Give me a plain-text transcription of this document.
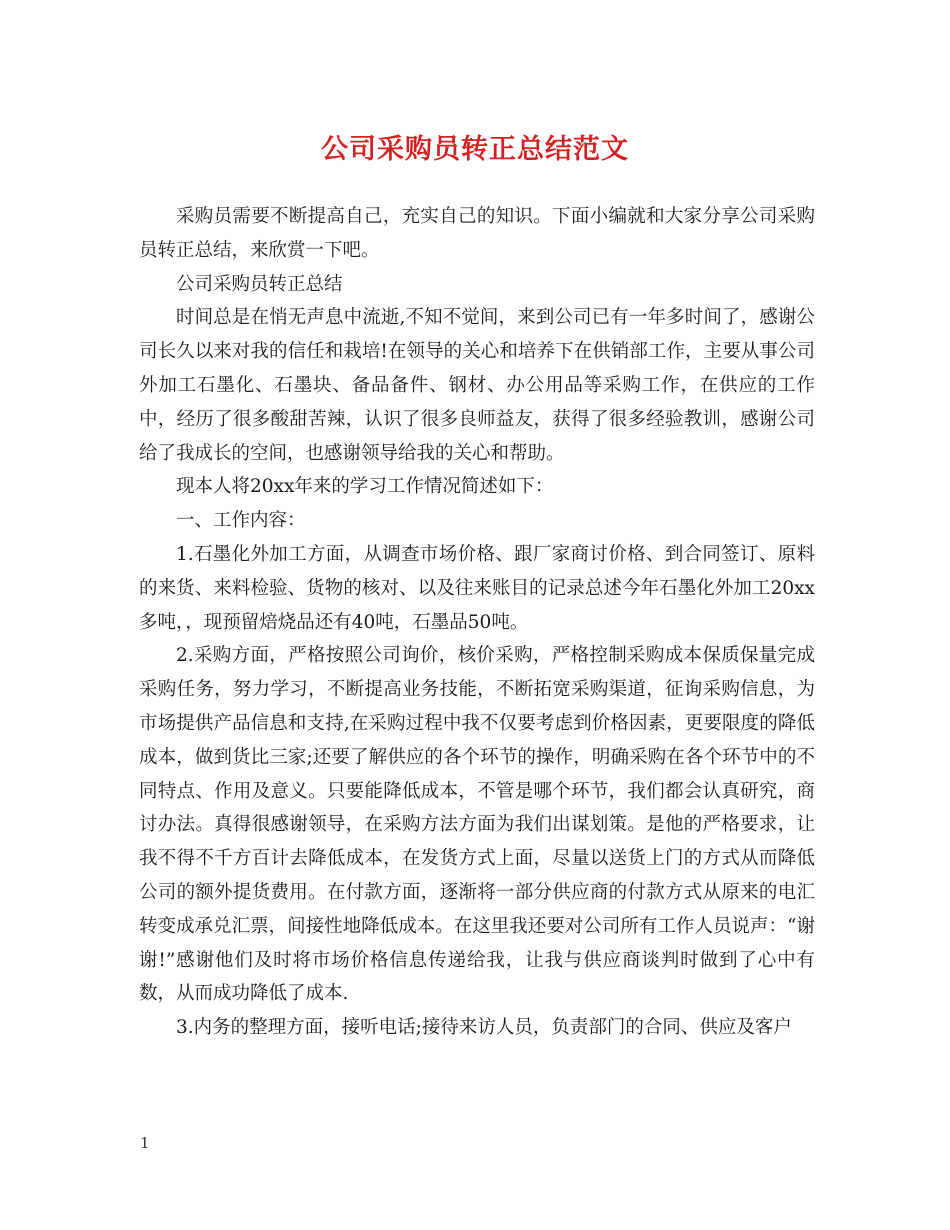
公司采购员转正总结范文

采购员需要不断提高自己，充实自己的知识。下面小编就和大家分享公司采购员转正总结，来欣赏一下吧。

公司采购员转正总结

时间总是在悄无声息中流逝,不知不觉间，来到公司已有一年多时间了，感谢公司长久以来对我的信任和栽培!在领导的关心和培养下在供销部工作，主要从事公司外加工石墨化、石墨块、备品备件、钢材、办公用品等采购工作，在供应的工作中，经历了很多酸甜苦辣，认识了很多良师益友，获得了很多经验教训，感谢公司给了我成长的空间，也感谢领导给我的关心和帮助。

现本人将20xx年来的学习工作情况简述如下：

一、工作内容：

1.石墨化外加工方面，从调查市场价格、跟厂家商讨价格、到合同签订、原料的来货、来料检验、货物的核对、以及往来账目的记录总述今年石墨化外加工20xx多吨，，现预留焙烧品还有40吨，石墨品50吨。

2.采购方面，严格按照公司询价，核价采购，严格控制采购成本保质保量完成采购任务，努力学习，不断提高业务技能，不断拓宽采购渠道，征询采购信息，为市场提供产品信息和支持,在采购过程中我不仅要考虑到价格因素，更要限度的降低成本，做到货比三家;还要了解供应的各个环节的操作，明确采购在各个环节中的不同特点、作用及意义。只要能降低成本，不管是哪个环节，我们都会认真研究，商讨办法。真得很感谢领导，在采购方法方面为我们出谋划策。是他的严格要求，让我不得不千方百计去降低成本，在发货方式上面，尽量以送货上门的方式从而降低公司的额外提货费用。在付款方面，逐渐将一部分供应商的付款方式从原来的电汇转变成承兑汇票，间接性地降低成本。在这里我还要对公司所有工作人员说声：“谢谢!”感谢他们及时将市场价格信息传递给我，让我与供应商谈判时做到了心中有数，从而成功降低了成本.

3.内务的整理方面，接听电话;接待来访人员，负责部门的合同、供应及客户

1
